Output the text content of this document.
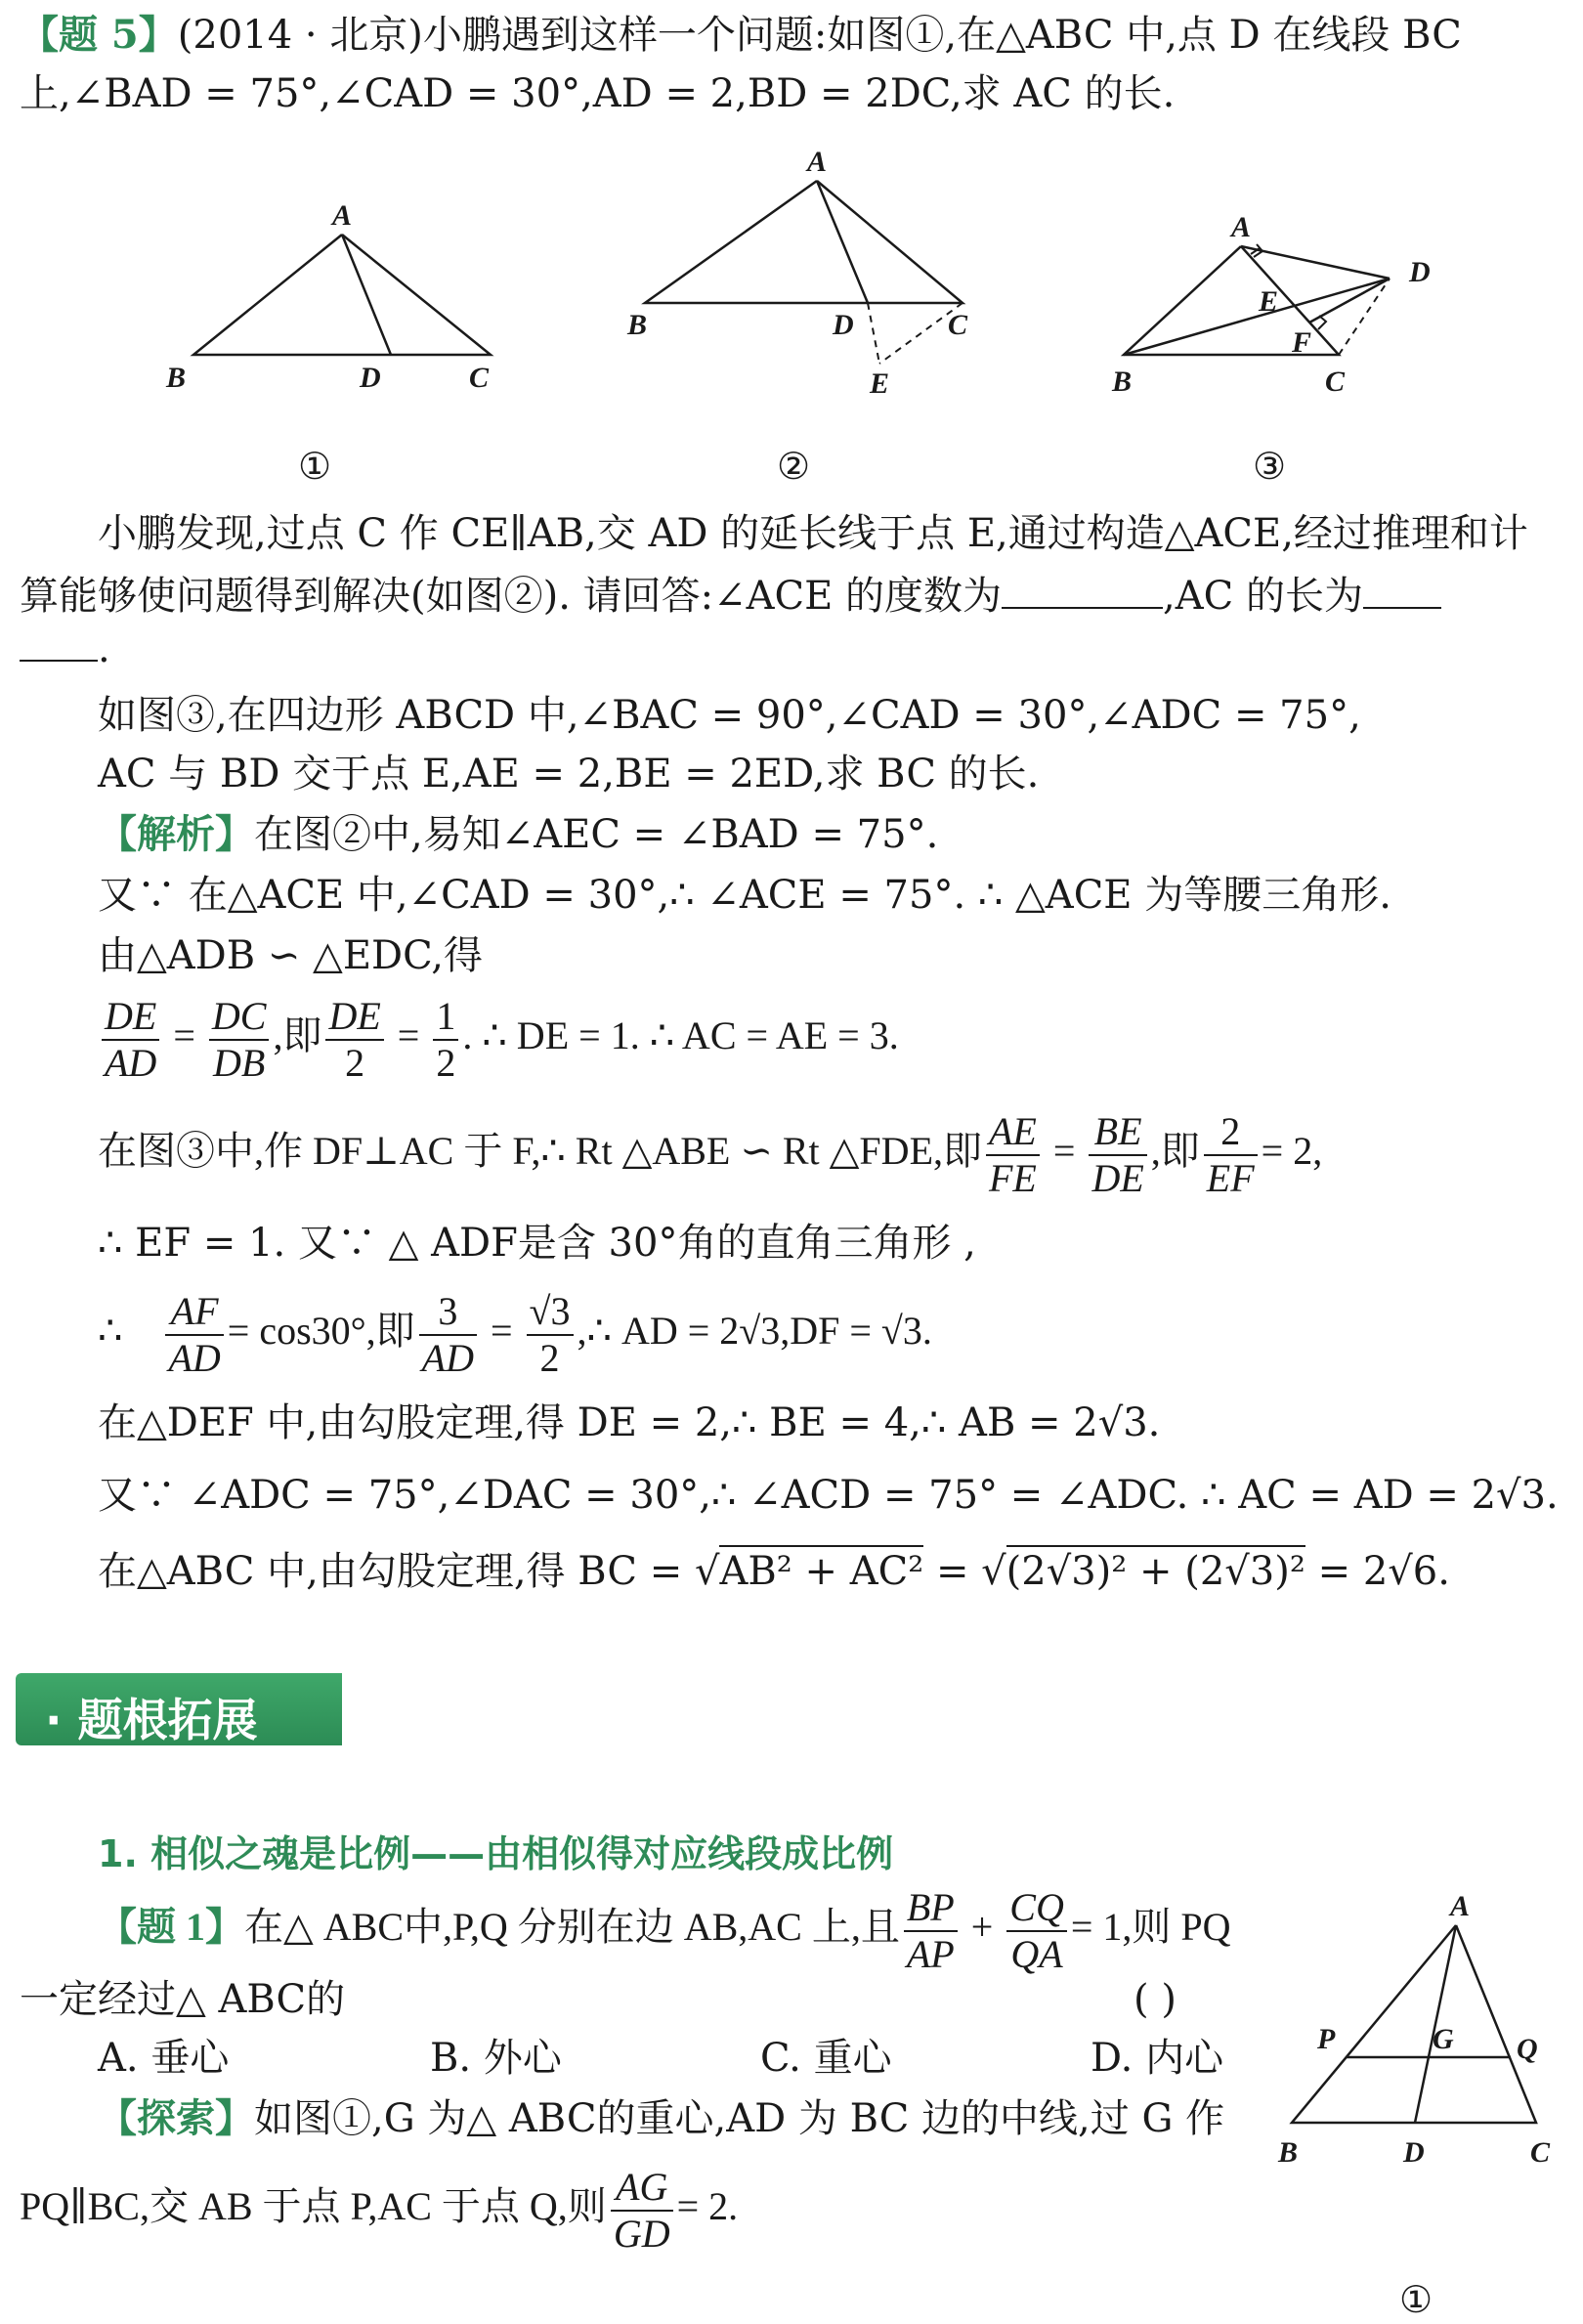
【题 5】(2014 · 北京)小鹏遇到这样一个问题:如图①,在△ABC 中,点 D 在线段 BC
上,∠BAD = 75°,∠CAD = 30°,AD = 2,BD = 2DC,求 AC 的长.
A
B	D	C
①
A
B	D	C
E
②
A
D
E
F
B	C
③
小鹏发现,过点 C 作 CE∥AB,交 AD 的延长线于点 E,通过构造△ACE,经过推理和计
算能够使问题得到解决(如图②). 请回答:∠ACE 的度数为	,AC 的长为
.
如图③,在四边形 ABCD 中,∠BAC = 90°,∠CAD = 30°,∠ADC = 75°,
AC 与 BD 交于点 E,AE = 2,BE = 2ED,求 BC 的长.
【解析】在图②中,易知∠AEC = ∠BAD = 75°.
又∵ 在△ACE 中,∠CAD = 30°,∴ ∠ACE = 75°. ∴ △ACE 为等腰三角形.
由△ADB ∽ △EDC,得
$\frac{DE}{AD} = \frac{DC}{DB}$ ,即 $\frac{DE}{2} = \frac{1}{2}$ . ∴ DE = 1. ∴ AC = AE = 3.
在图③中,作 DF⊥AC 于 F,∴ Rt △ABE ∽ Rt △FDE,即 $\frac{AE}{FE} = \frac{BE}{DE}$ ,即 $\frac{2}{EF} = 2$,
∴ EF = 1. 又∵ △ ADF是含 30°角的直角三角形 ,
∴ $\frac{AF}{AD} = \cos 30^\circ$,即 $\frac{3}{AD} = \frac{√3}{2}$ ,∴ AD = 2√3,DF = √3.
在△DEF 中,由勾股定理,得 DE = 2,∴ BE = 4,∴ AB = 2√3.
又∵ ∠ADC = 75°,∠DAC = 30°,∴ ∠ACD = 75° = ∠ADC. ∴ AC = AD = 2√3.
在△ABC 中,由勾股定理,得 BC = √AB² + AC² = √(2√3)² + (2√3)² = 2√6.
· 题根拓展
1. 相似之魂是比例——由相似得对应线段成比例
【题 1】在△ ABC中,P,Q 分别在边 AB,AC 上,且 $\frac{BP}{AP} + \frac{CQ}{QA} = 1$,则 PQ
一定经过△ ABC的	( )
A. 垂心	B. 外心	C. 重心	D. 内心
【探索】如图①,G 为△ ABC的重心,AD 为 BC 边的中线,过 G 作
PQ∥BC,交 AB 于点 P,AC 于点 Q,则 $\frac{AG}{GD} = 2$.
A
P	G Q
B	D	C
①
